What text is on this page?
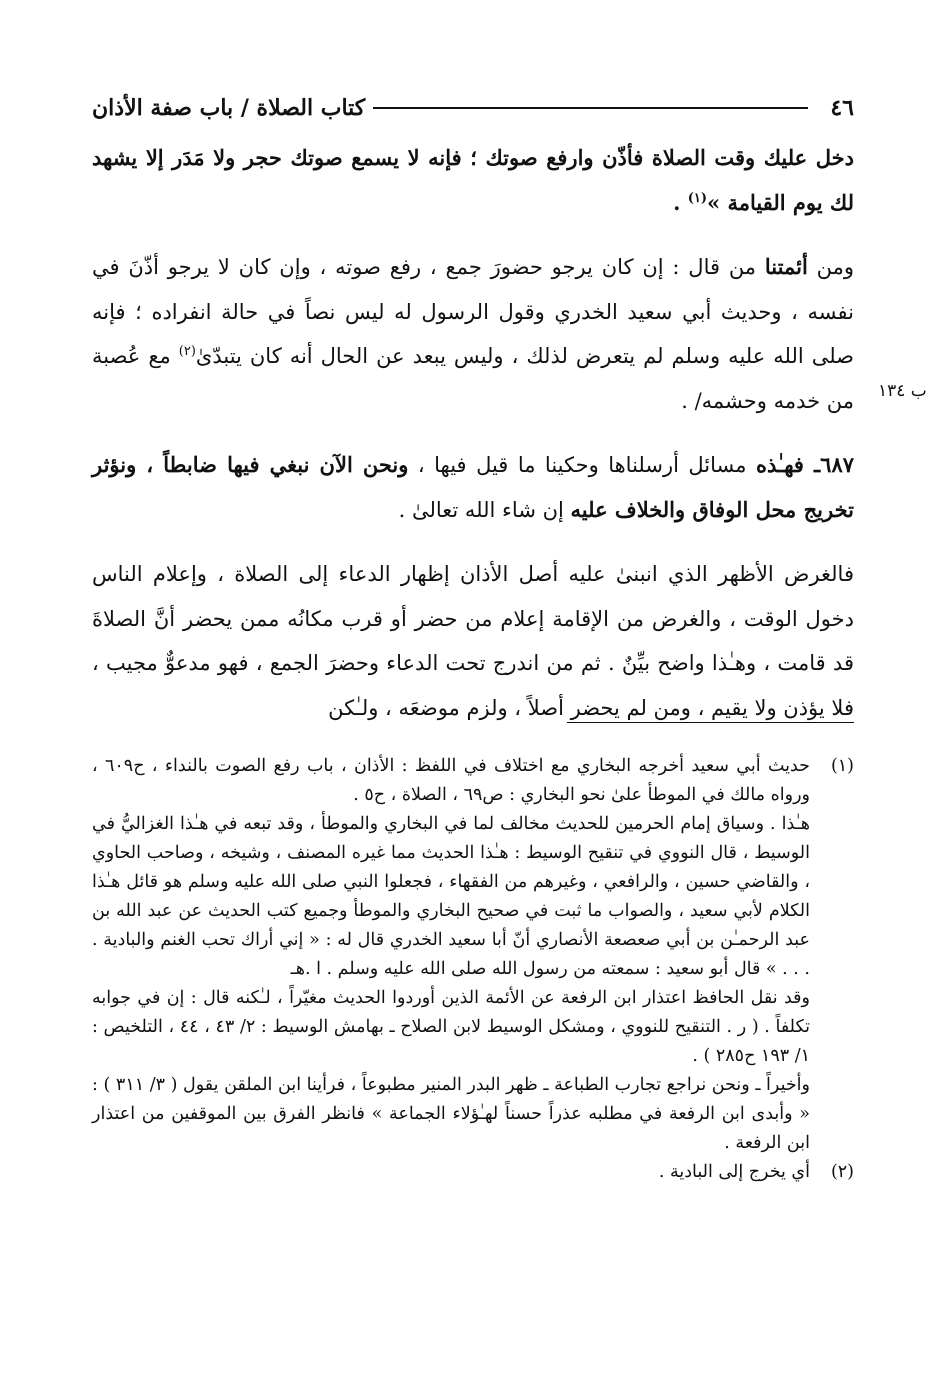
٤٦
كتاب الصلاة / باب صفة الأذان
ب ١٣٤

دخل عليك وقت الصلاة فأذّن وارفع صوتك ؛ فإنه لا يسمع صوتك حجر ولا مَدَر إلا يشهد لك يوم القيامة »$^{(١)}$ .

ومن أئمتنا من قال : إن كان يرجو حضورَ جمع ، رفع صوته ، وإن كان لا يرجو أذّنَ في نفسه ، وحديث أبي سعيد الخدري وقول الرسول له ليس نصاً في حالة انفراده ؛ فإنه صلى الله عليه وسلم لم يتعرض لذلك ، وليس يبعد عن الحال أنه كان يتبدّىٰ$^{(٢)}$ مع عُصبة من خدمه وحشمه/ .

٦٨٧ـ فهـٰذه مسائل أرسلناها وحكينا ما قيل فيها ، ونحن الآن نبغي فيها ضابطاً ، ونؤثر تخريج محل الوفاق والخلاف عليه إن شاء الله تعالىٰ .

فالغرض الأظهر الذي انبنىٰ عليه أصل الأذان إظهار الدعاء إلى الصلاة ، وإعلام الناس دخول الوقت ، والغرض من الإقامة إعلام من حضر أو قرب مكانُه ممن يحضر أنَّ الصلاةَ قد قامت ، وهـٰذا واضح بيِّنٌ . ثم من اندرج تحت الدعاء وحضرَ الجمع ، فهو مدعوٌّ مجيب ، فلا يؤذن ولا يقيم ، ومن لم يحضر أصلاً ، ولزم موضعَه ، ولـٰكن

(١)
حديث أبي سعيد أخرجه البخاري مع اختلاف في اللفظ : الأذان ، باب رفع الصوت بالنداء ، ح٦٠٩ ، ورواه مالك في الموطأ علىٰ نحو البخاري : ص٦٩ ، الصلاة ، ح٥ .

هـٰذا . وسياق إمام الحرمين للحديث مخالف لما في البخاري والموطأ ، وقد تبعه في هـٰذا الغزاليُّ في الوسيط ، قال النووي في تنقيح الوسيط : هـٰذا الحديث مما غيره المصنف ، وشيخه ، وصاحب الحاوي ، والقاضي حسين ، والرافعي ، وغيرهم من الفقهاء ، فجعلوا النبي صلى الله عليه وسلم هو قائل هـٰذا الكلام لأبي سعيد ، والصواب ما ثبت في صحيح البخاري والموطأ وجميع كتب الحديث عن عبد الله بن عبد الرحمـٰن بن أبي صعصعة الأنصاري أنّ أبا سعيد الخدري قال له : « إني أراك تحب الغنم والبادية . . . . » قال أبو سعيد : سمعته من رسول الله صلى الله عليه وسلم . ا .هـ

وقد نقل الحافظ اعتذار ابن الرفعة عن الأئمة الذين أوردوا الحديث مغيّراً ، لـٰكنه قال : إن في جوابه تكلفاً . ( ر . التنقيح للنووي ، ومشكل الوسيط لابن الصلاح ـ بهامش الوسيط : ٢/ ٤٣ ، ٤٤ ، التلخيص : ١/ ١٩٣ ح٢٨٥ ) .

وأخيراً ـ ونحن نراجع تجارب الطباعة ـ ظهر البدر المنير مطبوعاً ، فرأينا ابن الملقن يقول ( ٣/ ٣١١ ) : « وأبدى ابن الرفعة في مطلبه عذراً حسناً لهـٰؤلاء الجماعة » فانظر الفرق بين الموقفين من اعتذار ابن الرفعة .

(٢)
أي يخرج إلى البادية .
